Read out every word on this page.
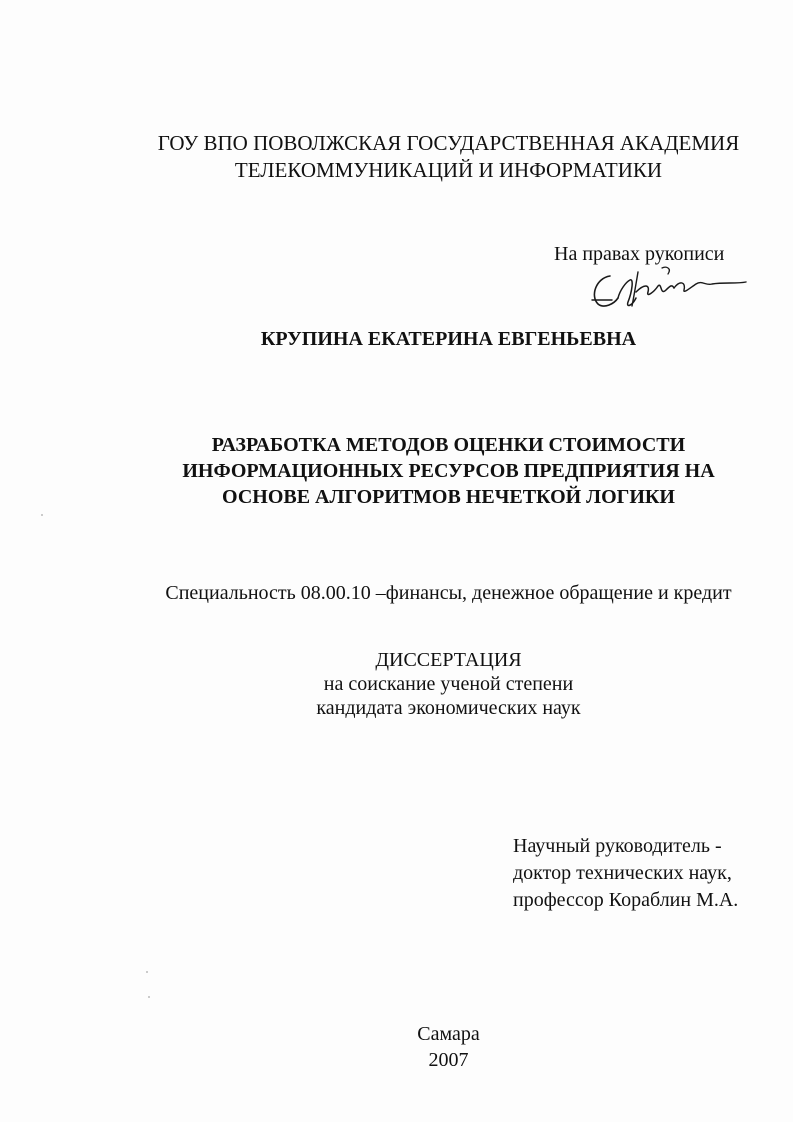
ГОУ ВПО ПОВОЛЖСКАЯ ГОСУДАРСТВЕННАЯ АКАДЕМИЯ
ТЕЛЕКОММУНИКАЦИЙ И ИНФОРМАТИКИ
На правах рукописи
КРУПИНА ЕКАТЕРИНА ЕВГЕНЬЕВНА
РАЗРАБОТКА МЕТОДОВ ОЦЕНКИ СТОИМОСТИ
ИНФОРМАЦИОННЫХ РЕСУРСОВ ПРЕДПРИЯТИЯ НА
ОСНОВЕ АЛГОРИТМОВ НЕЧЕТКОЙ ЛОГИКИ
Специальность 08.00.10 –финансы, денежное обращение и кредит
ДИССЕРТАЦИЯ
на соискание ученой степени
кандидата экономических наук
Научный руководитель -
доктор технических наук,
профессор Кораблин М.А.
Самара
2007
